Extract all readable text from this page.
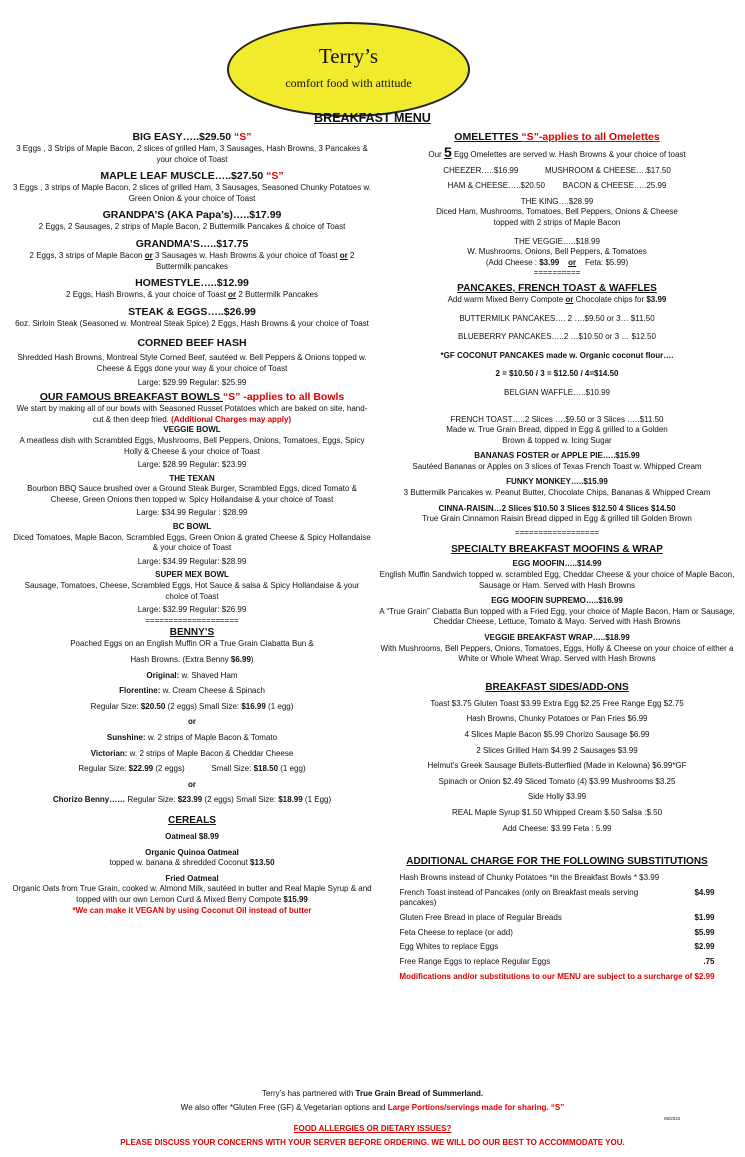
Terry’s
comfort food with attitude
BREAKFAST MENU
BIG EASY…..$29.50 “S”
3 Eggs , 3 Strips of Maple Bacon, 2 slices of grilled Ham, 3 Sausages, Hash Browns, 3 Pancakes & your choice of Toast
MAPLE LEAF MUSCLE…..$27.50 “S”
3 Eggs , 3 strips of Maple Bacon, 2 slices of grilled Ham, 3 Sausages, Seasoned Chunky Potatoes w. Green Onion & your choice of Toast
GRANDPA’S (AKA Papa’s)…..$17.99
2 Eggs, 2 Sausages, 2 strips of Maple Bacon, 2 Buttermilk Pancakes & choice of Toast
GRANDMA’S…..$17.75
2 Eggs, 3 strips of Maple Bacon or 3 Sausages w. Hash Browns & your choice of Toast or 2 Buttermilk pancakes
HOMESTYLE…..$12.99
2 Eggs, Hash Browns, & your choice of Toast or 2 Buttermilk Pancakes
STEAK & EGGS…..$26.99
6oz. Sirloin Steak (Seasoned w. Montreal Steak Spice) 2 Eggs, Hash Browns & your choice of Toast
CORNED BEEF HASH
Shredded Hash Browns, Montreal Style Corned Beef, sautéed w. Bell Peppers & Onions topped w. Cheese & Eggs done your way & your choice of Toast
Large: $29.99 Regular: $25.99
OUR FAMOUS BREAKFAST BOWLS “S” -applies to all Bowls
We start by making all of our bowls with Seasoned Russet Potatoes which are baked on site, hand-cut & then deep fried. (Additional Charges may apply)
VEGGIE BOWL
A meatless dish with Scrambled Eggs, Mushrooms, Bell Peppers, Onions, Tomatoes, Eggs, Spicy Holly & Cheese & your choice of Toast
Large: $28.99 Regular: $23.99
THE TEXAN
Bourbon BBQ Sauce brushed over a Ground Steak Burger, Scrambled Eggs, diced Tomato & Cheese, Green Onions then topped w. Spicy Hollandaise & your choice of Toast
Large: $34.99 Regular : $28.99
BC BOWL
Diced Tomatoes, Maple Bacon, Scrambled Eggs, Green Onion & grated Cheese & Spicy Hollandaise & your choice of Toast
Large: $34.99 Regular: $28.99
SUPER MEX BOWL
Sausage, Tomatoes, Cheese, Scrambled Eggs, Hot Sauce & salsa & Spicy Hollandaise & your choice of Toast
Large: $32.99 Regular: $26.99
====================
BENNY’S
Poached Eggs on an English Muffin OR a True Grain Ciabatta Bun &
Hash Browns. (Extra Benny $6.99)
Original: w. Shaved Ham
Florentine: w. Cream Cheese & Spinach
Regular Size: $20.50 (2 eggs) Small Size: $16.99 (1 egg)
or
Sunshine: w. 2 strips of Maple Bacon & Tomato
Victorian: w. 2 strips of Maple Bacon & Cheddar Cheese
Regular Size: $22.99 (2 eggs)	Small Size: $18.50 (1 egg)
or
Chorizo Benny…… Regular Size: $23.99 (2 eggs) Small Size: $18.99 (1 Egg)
CEREALS
Oatmeal $8.99
Organic Quinoa Oatmeal
topped w. banana & shredded Coconut $13.50
Fried Oatmeal
Organic Oats from True Grain, cooked w. Almond Milk, sautéed in butter and Real Maple Syrup & and topped with our own Lemon Curd & Mixed Berry Compote $15.99
*We can make it VEGAN by using Coconut Oil instead of butter
OMELETTES “S”-applies to all Omelettes
Our 5 Egg Omelettes are served w. Hash Browns & your choice of toast
CHEEZER…..$16.99	MUSHROOM & CHEESE….$17.50
HAM & CHEESE…..$20.50 BACON & CHEESE…..25.99
THE KING….$28.99
Diced Ham, Mushrooms, Tomatoes, Bell Peppers, Onions & Cheese topped with 2 strips of Maple Bacon
THE VEGGIE…..$18.99
W. Mushrooms, Onions, Bell Peppers, & Tomatoes
(Add Cheese : $3.99 or Feta: $5.99)
==========
PANCAKES, FRENCH TOAST & WAFFLES
Add warm Mixed Berry Compote or Chocolate chips for $3.99
BUTTERMILK PANCAKES…. 2 ….$9.50 or 3… $11.50
BLUEBERRY PANCAKES…..2 …$10.50 or 3 … $12.50
*GF COCONUT PANCAKES made w. Organic coconut flour….
2 = $10.50 / 3 = $12.50 / 4=$14.50
BELGIAN WAFFLE…..$10.99
FRENCH TOAST…..2 Slices ….$9.50 or 3 Slices …..$11.50
Made w. True Grain Bread, dipped in Egg & grilled to a Golden Brown & topped w. Icing Sugar
BANANAS FOSTER or APPLE PIE…..$15.99
Sautéed Bananas or Apples on 3 slices of Texas French Toast w. Whipped Cream
FUNKY MONKEY…..$15.99
3 Buttermilk Pancakes w. Peanut Butter, Chocolate Chips, Bananas & Whipped Cream
CINNA-RAISIN…2 Slices $10.50 3 Slices $12.50 4 Slices $14.50
True Grain Cinnamon Raisin Bread dipped in Egg & grilled till Golden Brown
==================
SPECIALTY BREAKFAST MOOFINS & WRAP
EGG MOOFIN…..$14.99
English Muffin Sandwich topped w. scrambled Egg, Cheddar Cheese & your choice of Maple Bacon, Sausage or Ham. Served with Hash Browns
EGG MOOFIN SUPREMO…..$16.99
A “True Grain” Ciabatta Bun topped with a Fried Egg, your choice of Maple Bacon, Ham or Sausage, Cheddar Cheese, Lettuce, Tomato & Mayo. Served with Hash Browns
VEGGIE BREAKFAST WRAP…..$18.99
With Mushrooms, Bell Peppers, Onions, Tomatoes, Eggs, Holly & Cheese on your choice of either a White or Whole Wheat Wrap. Served with Hash Browns
BREAKFAST SIDES/ADD-ONS
Toast $3.75 Gluten Toast $3.99 Extra Egg $2.25 Free Range Egg $2.75
Hash Browns, Chunky Potatoes or Pan Fries $6.99
4 Slices Maple Bacon $5.99 Chorizo Sausage $6.99
2 Slices Grilled Ham $4.99 2 Sausages $3.99
Helmut’s Greek Sausage Bullets-Butterflied (Made in Kelowna) $6.99*GF
Spinach or Onion $2.49 Sliced Tomato (4) $3.99 Mushrooms $3.25
Side Holly $3.99
REAL Maple Syrup $1.50 Whipped Cream $.50 Salsa :$.50
Add Cheese: $3.99 Feta : 5.99
ADDITIONAL CHARGE FOR THE FOLLOWING SUBSTITUTIONS
Hash Browns instead of Chunky Potatoes *in the Breakfast Bowls * $3.99	
French Toast instead of Pancakes (only on Breakfast meals serving pancakes)	$4.99
Gluten Free Bread in place of Regular Breads	$1.99
Feta Cheese to replace (or add)	$5.99
Egg Whites to replace Eggs	$2.99
Free Range Eggs to replace Regular Eggs	.75
Modifications and/or substitutions to our MENU are subject to a surcharge of $2.99
Terry’s has partnered with True Grain Bread of Summerland.
We also offer *Gluten Free (GF) & Vegetarian options and Large Portions/servings made for sharing. “S”
06/2022
FOOD ALLERGIES OR DIETARY ISSUES?
PLEASE DISCUSS YOUR CONCERNS WITH YOUR SERVER BEFORE ORDERING. WE WILL DO OUR BEST TO ACCOMMODATE YOU.
